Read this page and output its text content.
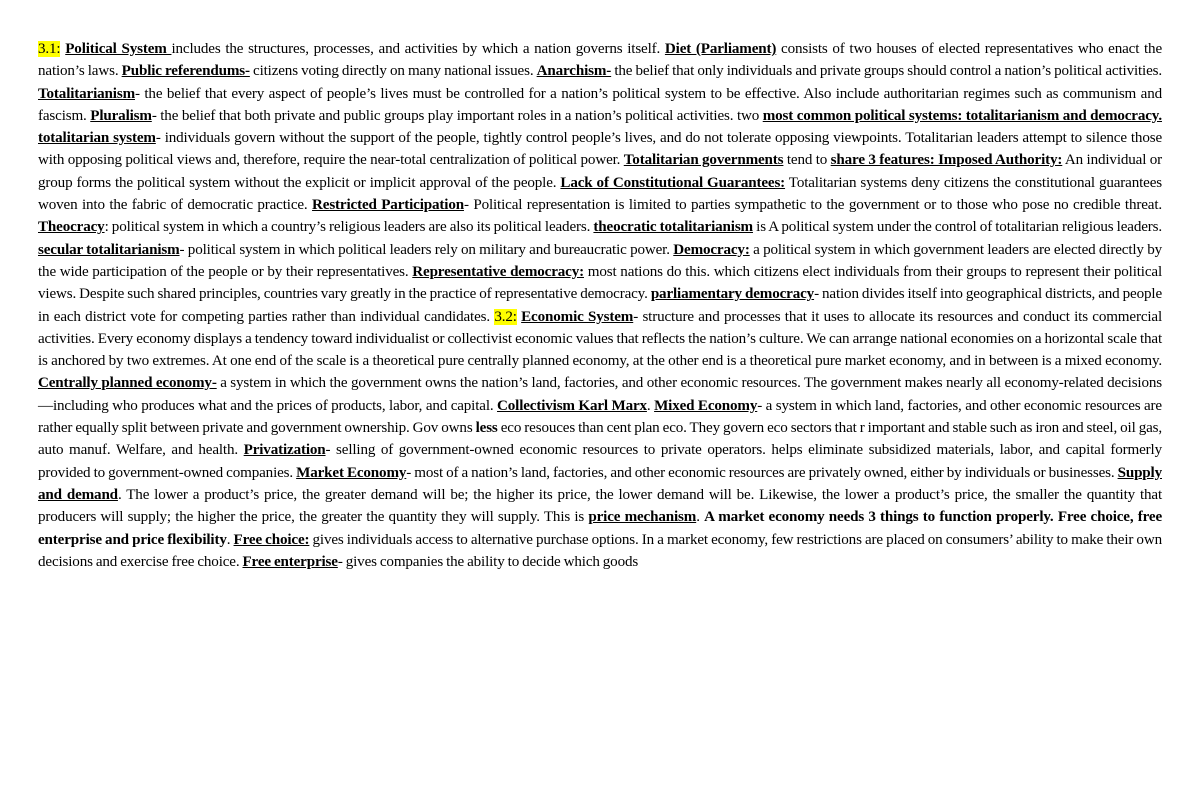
3.1: Political System includes the structures, processes, and activities by which a nation governs itself. Diet (Parliament) consists of two houses of elected representatives who enact the nation’s laws. Public referendums- citizens voting directly on many national issues. Anarchism- the belief that only individuals and private groups should control a nation’s political activities. Totalitarianism- the belief that every aspect of people’s lives must be controlled for a nation’s political system to be effective. Also include authoritarian regimes such as communism and fascism. Pluralism- the belief that both private and public groups play important roles in a nation’s political activities. two most common political systems: totalitarianism and democracy. totalitarian system- individuals govern without the support of the people, tightly control people’s lives, and do not tolerate opposing viewpoints. Totalitarian leaders attempt to silence those with opposing political views and, therefore, require the near-total centralization of political power. Totalitarian governments tend to share 3 features: Imposed Authority: An individual or group forms the political system without the explicit or implicit approval of the people. Lack of Constitutional Guarantees: Totalitarian systems deny citizens the constitutional guarantees woven into the fabric of democratic practice. Restricted Participation- Political representation is limited to parties sympathetic to the government or to those who pose no credible threat. Theocracy: political system in which a country’s religious leaders are also its political leaders. theocratic totalitarianism is A political system under the control of totalitarian religious leaders. secular totalitarianism- political system in which political leaders rely on military and bureaucratic power. Democracy: a political system in which government leaders are elected directly by the wide participation of the people or by their representatives. Representative democracy: most nations do this. which citizens elect individuals from their groups to represent their political views. Despite such shared principles, countries vary greatly in the practice of representative democracy. parliamentary democracy- nation divides itself into geographical districts, and people in each district vote for competing parties rather than individual candidates. 3.2: Economic System- structure and processes that it uses to allocate its resources and conduct its commercial activities. Every economy displays a tendency toward individualist or collectivist economic values that reflects the nation’s culture. We can arrange national economies on a horizontal scale that is anchored by two extremes. At one end of the scale is a theoretical pure centrally planned economy, at the other end is a theoretical pure market economy, and in between is a mixed economy. Centrally planned economy- a system in which the government owns the nation’s land, factories, and other economic resources. The government makes nearly all economy-related decisions—including who produces what and the prices of products, labor, and capital. Collectivism Karl Marx. Mixed Economy- a system in which land, factories, and other economic resources are rather equally split between private and government ownership. Gov owns less eco resouces than cent plan eco. They govern eco sectors that r important and stable such as iron and steel, oil gas, auto manuf. Welfare, and health. Privatization- selling of government-owned economic resources to private operators. helps eliminate subsidized materials, labor, and capital formerly provided to government-owned companies. Market Economy- most of a nation’s land, factories, and other economic resources are privately owned, either by individuals or businesses. Supply and demand. The lower a product’s price, the greater demand will be; the higher its price, the lower demand will be. Likewise, the lower a product’s price, the smaller the quantity that producers will supply; the higher the price, the greater the quantity they will supply. This is price mechanism. A market economy needs 3 things to function properly. Free choice, free enterprise and price flexibility. Free choice: gives individuals access to alternative purchase options. In a market economy, few restrictions are placed on consumers’ ability to make their own decisions and exercise free choice. Free enterprise- gives companies the ability to decide which goods
